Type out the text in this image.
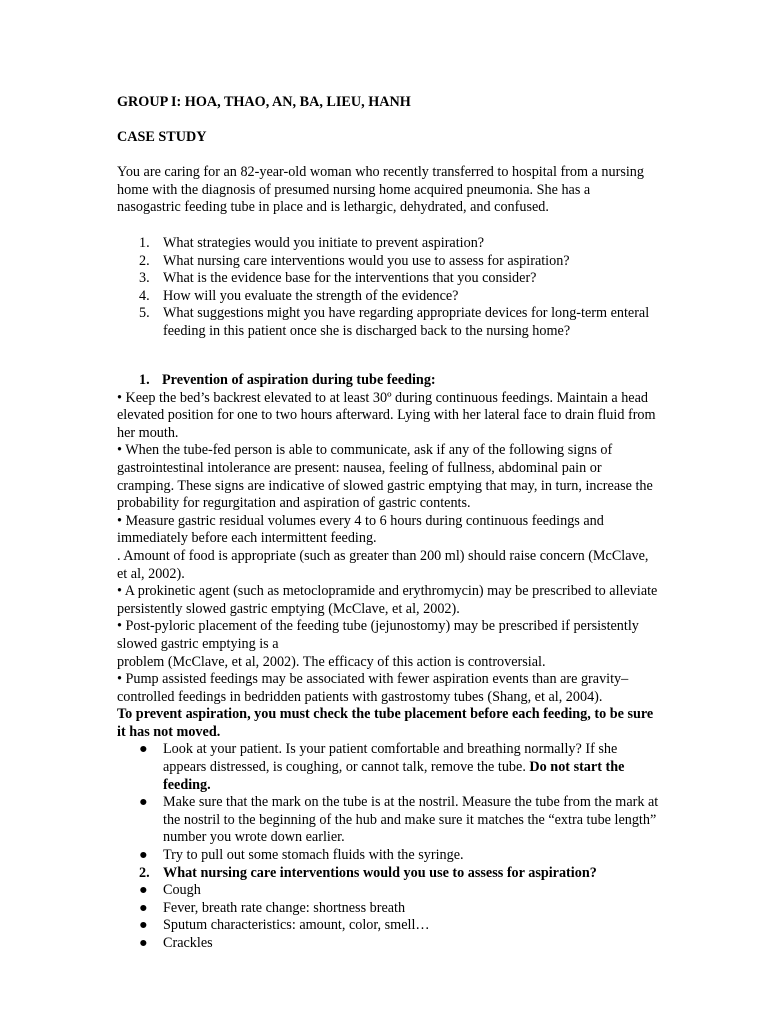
GROUP I: HOA, THAO, AN, BA, LIEU, HANH
CASE STUDY
You are caring for an 82-year-old woman who recently transferred to hospital from a nursing home with the diagnosis of presumed nursing home acquired pneumonia. She has a nasogastric feeding tube in place and is lethargic, dehydrated, and confused.
1. What strategies would you initiate to prevent aspiration?
2. What nursing care interventions would you use to assess for aspiration?
3. What is the evidence base for the interventions that you consider?
4. How will you evaluate the strength of the evidence?
5. What suggestions might you have regarding appropriate devices for long-term enteral feeding in this patient once she is discharged back to the nursing home?
1. Prevention of aspiration during tube feeding:
• Keep the bed’s backrest elevated to at least 30º during continuous feedings. Maintain a head elevated position for one to two hours afterward. Lying with her lateral face to drain fluid from her mouth.
• When the tube-fed person is able to communicate, ask if any of the following signs of gastrointestinal intolerance are present: nausea, feeling of fullness, abdominal pain or cramping. These signs are indicative of slowed gastric emptying that may, in turn, increase the probability for regurgitation and aspiration of gastric contents.
• Measure gastric residual volumes every 4 to 6 hours during continuous feedings and immediately before each intermittent feeding.
. Amount of food is appropriate (such as greater than 200 ml) should raise concern (McClave, et al, 2002).
• A prokinetic agent (such as metoclopramide and erythromycin) may be prescribed to alleviate persistently slowed gastric emptying (McClave, et al, 2002).
• Post-pyloric placement of the feeding tube (jejunostomy) may be prescribed if persistently slowed gastric emptying is a
problem (McClave, et al, 2002). The efficacy of this action is controversial.
• Pump assisted feedings may be associated with fewer aspiration events than are gravity–controlled feedings in bedridden patients with gastrostomy tubes (Shang, et al, 2004).
To prevent aspiration, you must check the tube placement before each feeding, to be sure it has not moved.
●	Look at your patient. Is your patient comfortable and breathing normally? If she appears distressed, is coughing, or cannot talk, remove the tube. Do not start the feeding.
●	Make sure that the mark on the tube is at the nostril. Measure the tube from the mark at the nostril to the beginning of the hub and make sure it matches the “extra tube length” number you wrote down earlier.
●	Try to pull out some stomach fluids with the syringe.
2. What nursing care interventions would you use to assess for aspiration?
●	Cough
●	Fever, breath rate change: shortness breath
●	Sputum characteristics: amount, color, smell…
●	Crackles
